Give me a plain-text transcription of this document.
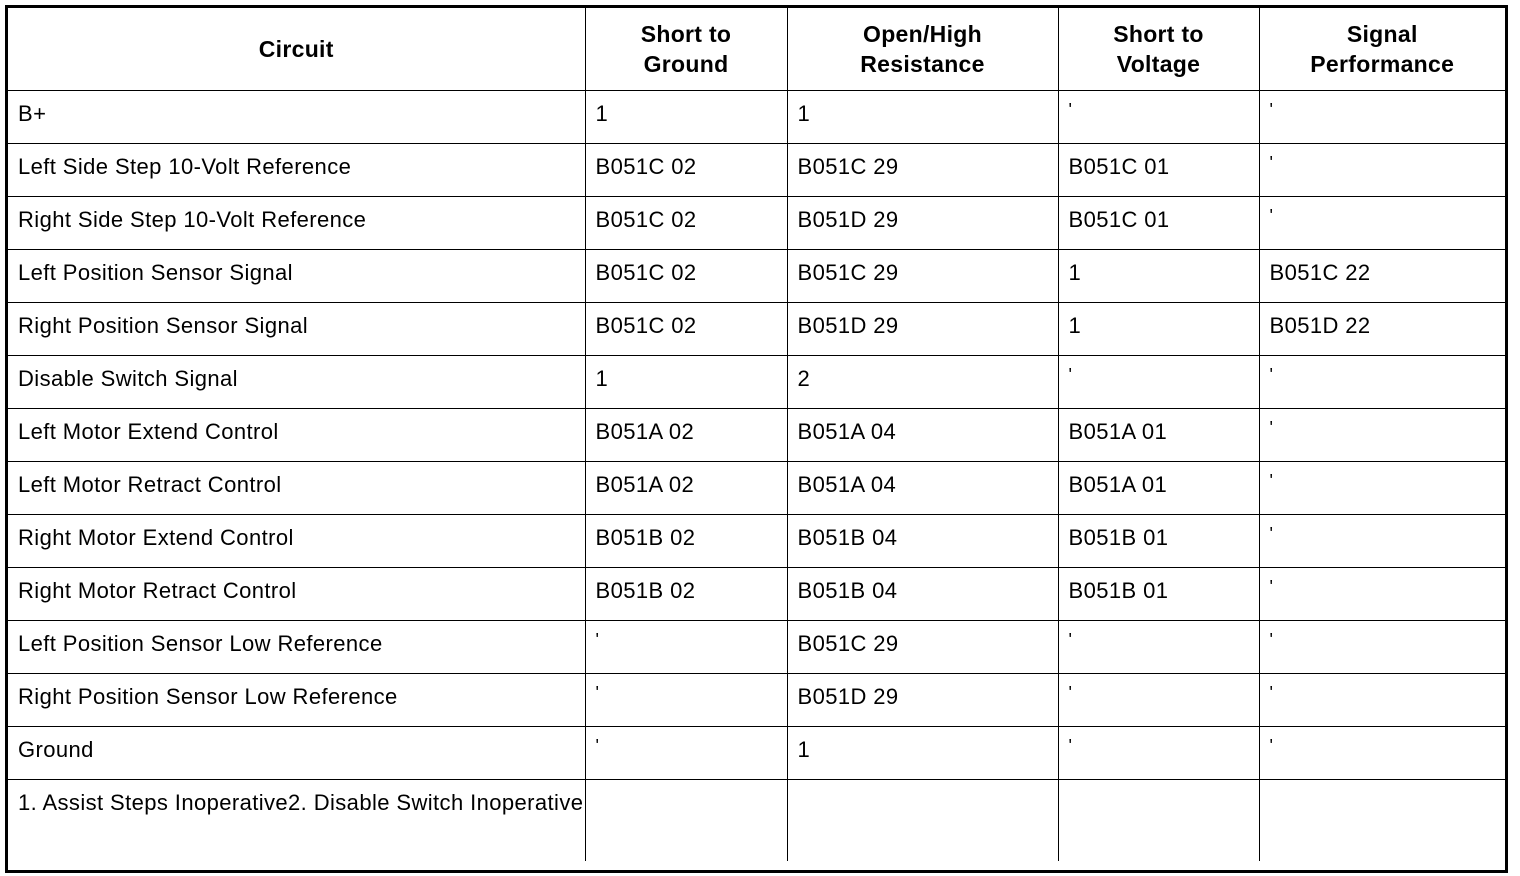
Circuit	Short to Ground	Open/High Resistance	Short to Voltage	Signal Performance

B+	1	1	'	'
Left Side Step 10-Volt Reference	B051C 02	B051C 29	B051C 01	'
Right Side Step 10-Volt Reference	B051C 02	B051D 29	B051C 01	'
Left Position Sensor Signal	B051C 02	B051C 29	1	B051C 22
Right Position Sensor Signal	B051C 02	B051D 29	1	B051D 22
Disable Switch Signal	1	2	'	'
Left Motor Extend Control	B051A 02	B051A 04	B051A 01	'
Left Motor Retract Control	B051A 02	B051A 04	B051A 01	'
Right Motor Extend Control	B051B 02	B051B 04	B051B 01	'
Right Motor Retract Control	B051B 02	B051B 04	B051B 01	'
Left Position Sensor Low Reference	'	B051C 29	'	'
Right Position Sensor Low Reference	'	B051D 29	'	'
Ground	'	1	'	'
1. Assist Steps Inoperative2. Disable Switch Inoperative				
